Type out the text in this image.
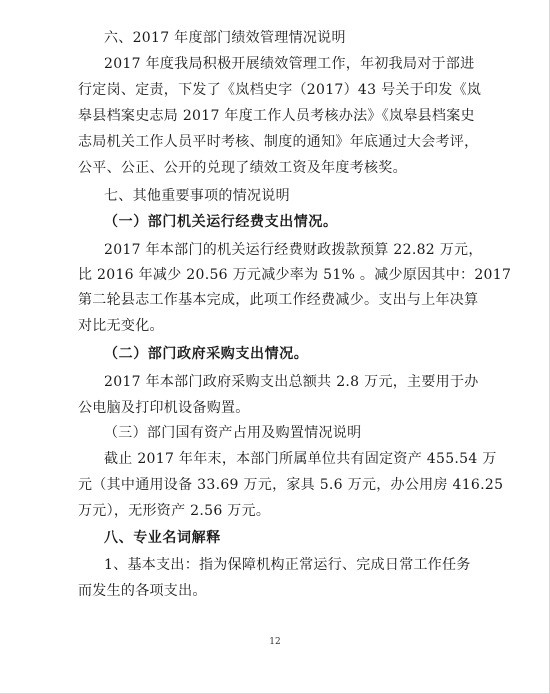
六、2017 年度部门绩效管理情况说明
2017 年度我局积极开展绩效管理工作，年初我局对于部进
行定岗、定责，下发了《岚档史字（2017）43 号关于印发《岚
皋县档案史志局 2017 年度工作人员考核办法》《岚皋县档案史
志局机关工作人员平时考核、制度的通知》年底通过大会考评，
公平、公正、公开的兑现了绩效工资及年度考核奖。
七、其他重要事项的情况说明
（一）部门机关运行经费支出情况。
2017 年本部门的机关运行经费财政拨款预算 22.82 万元，
比 2016 年减少 20.56 万元减少率为 51% 。减少原因其中：2017
第二轮县志工作基本完成，此项工作经费减少。支出与上年决算
对比无变化。
（二）部门政府采购支出情况。
2017 年本部门政府采购支出总额共 2.8 万元，主要用于办
公电脑及打印机设备购置。
（三）部门国有资产占用及购置情况说明
截止 2017 年年末，本部门所属单位共有固定资产 455.54 万
元（其中通用设备 33.69 万元，家具 5.6 万元，办公用房 416.25
万元），无形资产 2.56 万元。
八、专业名词解释
1、基本支出：指为保障机构正常运行、完成日常工作任务
而发生的各项支出。
12
